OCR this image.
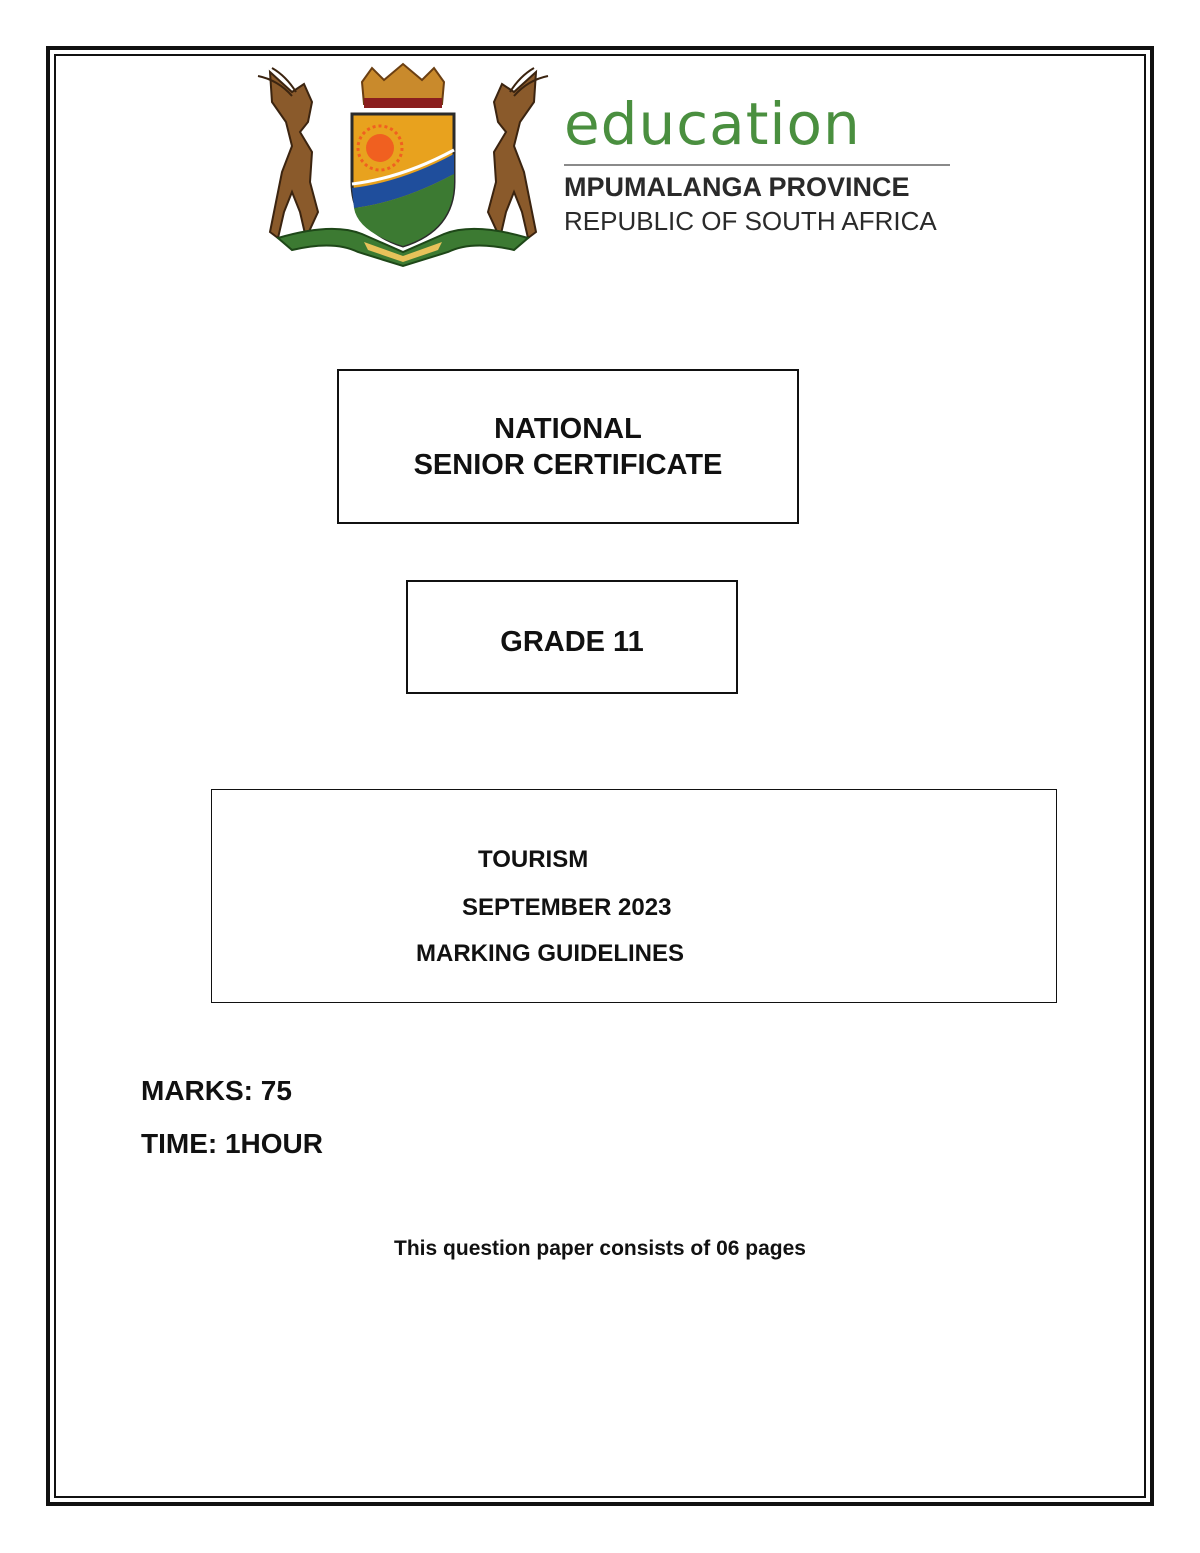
education
MPUMALANGA PROVINCE
REPUBLIC OF SOUTH AFRICA
NATIONAL
SENIOR CERTIFICATE
GRADE 11
TOURISM
SEPTEMBER 2023
MARKING GUIDELINES
MARKS: 75
TIME: 1HOUR
This question paper consists of 06 pages
